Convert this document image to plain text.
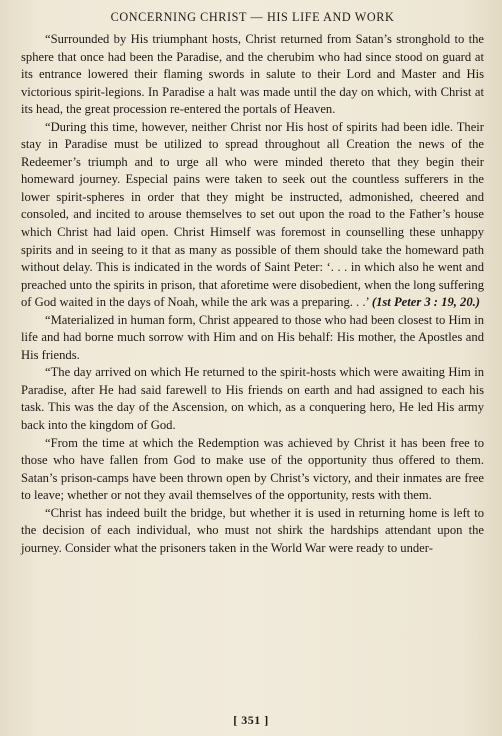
CONCERNING CHRIST — HIS LIFE AND WORK

“Surrounded by His triumphant hosts, Christ returned from Satan’s stronghold to the sphere that once had been the Paradise, and the cherubim who had since stood on guard at its entrance lowered their flaming swords in salute to their Lord and Master and His victorious spirit-legions. In Paradise a halt was made until the day on which, with Christ at its head, the great procession re-entered the portals of Heaven.

“During this time, however, neither Christ nor His host of spirits had been idle. Their stay in Paradise must be utilized to spread throughout all Creation the news of the Redeemer’s triumph and to urge all who were minded thereto that they begin their homeward journey. Especial pains were taken to seek out the countless sufferers in the lower spirit-spheres in order that they might be instructed, admonished, cheered and consoled, and incited to arouse themselves to set out upon the road to the Father’s house which Christ had laid open. Christ Himself was foremost in counselling these unhappy spirits and in seeing to it that as many as possible of them should take the homeward path without delay. This is indicated in the words of Saint Peter: ‘. . . in which also he went and preached unto the spirits in prison, that aforetime were disobedient, when the long suffering of God waited in the days of Noah, while the ark was a preparing. . .’ (1st Peter 3 : 19, 20.)

“Materialized in human form, Christ appeared to those who had been closest to Him in life and had borne much sorrow with Him and on His behalf: His mother, the Apostles and His friends.

“The day arrived on which He returned to the spirit-hosts which were awaiting Him in Paradise, after He had said farewell to His friends on earth and had assigned to each his task. This was the day of the Ascension, on which, as a conquering hero, He led His army back into the kingdom of God.

“From the time at which the Redemption was achieved by Christ it has been free to those who have fallen from God to make use of the opportunity thus offered to them. Satan’s prison-camps have been thrown open by Christ’s victory, and their inmates are free to leave; whether or not they avail themselves of the opportunity, rests with them.

“Christ has indeed built the bridge, but whether it is used in returning home is left to the decision of each individual, who must not shirk the hardships attendant upon the journey. Consider what the prisoners taken in the World War were ready to under-

[ 351 ]
